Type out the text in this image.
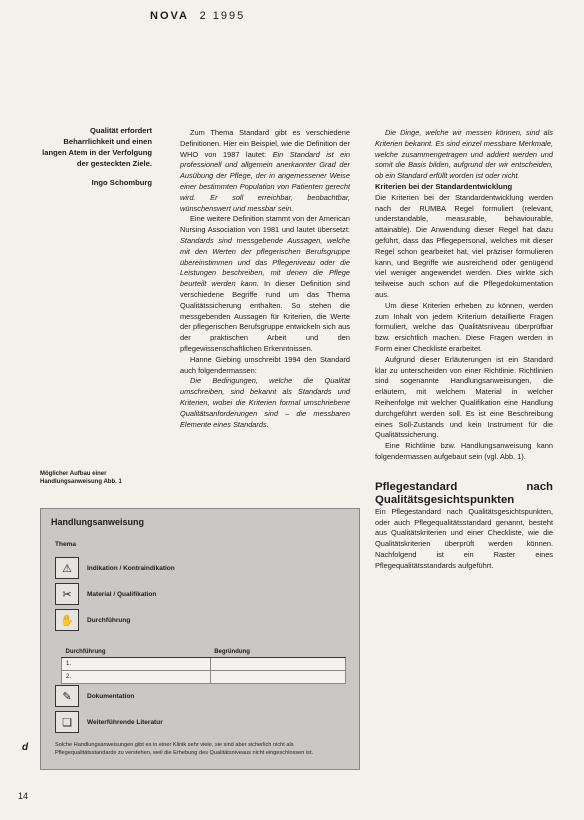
NOVA 2 1995
Qualität erfordert Beharrlichkeit und einen langen Atem in der Verfolgung der gesteckten Ziele.
Ingo Schomburg

Zum Thema Standard gibt es verschiedene Definitionen. Hier ein Beispiel, wie die Definition der WHO von 1987 lautet: Ein Standard ist ein professionell und allgemein anerkannter Grad der Ausübung der Pflege, der in angemessener Weise einer bestimmten Population von Patienten gerecht wird. Er soll erreichbar, beobachtbar, wünschenswert und messbar sein.

Eine weitere Definition stammt von der American Nursing Association von 1981 und lautet übersetzt: Standards sind messgebende Aussagen, welche mit den Werten der pflegerischen Berufsgruppe übereinstimmen und das Pflegeniveau oder die Leistungen beschreiben, mit denen die Pflege beurteilt werden kann. In dieser Definition sind verschiedene Begriffe rund um das Thema Qualitätssicherung enthalten. So stehen die messgebenden Aussagen für Kriterien, die Werte der pflegerischen Berufsgruppe entwickeln sich aus der praktischen Arbeit und den pflegewissenschaftlichen Erkenntnissen.

Hanne Giebing umschreibt 1994 den Standard auch folgendermassen:

Die Bedingungen, welche die Qualität umschreiben, sind bekannt als Standards und Kriterien, wobei die Kriterien formal umschriebene Qualitätsanforderungen sind – die messbaren Elemente eines Standards.

Die Dinge, welche wir messen können, sind als Kriterien bekannt. Es sind einzel messbare Merkmale, welche zusammengetragen und addiert werden und somit die Basis bilden, aufgrund der wir entscheiden, ob ein Standard erfüllt worden ist oder nicht.

Kriterien bei der Standardentwicklung

Die Kriterien bei der Standardentwicklung werden nach der RUMBA Regel formuliert (relevant, understandable, measurable, behaviourable, attainable). Die Anwendung dieser Regel hat dazu geführt, dass das Pflegepersonal, welches mit dieser Regel schon gearbeitet hat, viel präziser formulieren kann, und Begriffe wie ausreichend oder genügend viel weniger angewendet werden. Dies wirkte sich teilweise auch schon auf die Pflegedokumentation aus.

Um diese Kriterien erheben zu können, werden zum Inhalt von jedem Kriterium detaillierte Fragen formuliert, welche das Qualitätsniveau überprüfbar bzw. ersichtlich machen. Diese Fragen werden in Form einer Checkliste erarbeitet.

Aufgrund dieser Erläuterungen ist ein Standard klar zu unterscheiden von einer Richtlinie. Richtlinien sind sogenannte Handlungsanweisungen, die erläutern, mit welchem Material in welcher Reihenfolge mit welcher Qualifikation eine Handlung durchgeführt werden soll. Es ist eine Beschreibung eines Soll-Zustands und kein Instrument für die Qualitätssicherung.

Eine Richtlinie bzw. Handlungsanweisung kann folgendermassen aufgebaut sein (vgl. Abb. 1).

Pflegestandard nach Qualitätsgesichtspunkten

Ein Pflegestandard nach Qualitätsgesichtspunkten, oder auch Pflegequalitätsstandard genannt, besteht aus Qualitätskriterien und einer Checkliste, wie die Qualitätskriterien überprüft werden können. Nachfolgend ist ein Raster eines Pflegequalitätsstandards aufgeführt.

Möglicher Aufbau einer Handlungsanweisung Abb. 1
Handlungsanweisung
Thema
⚠	Indikation / Kontraindikation
✂	Material / Qualifikation
✋	Durchführung
Durchführung	Begründung
1.	
2.	
✎	Dokumentation
❏	Weiterführende Literatur
Solche Handlungsanweisungen gibt es in einer Klinik sehr viele, sie sind aber sicherlich nicht als Pflegequalitätsstandards zu verstehen, weil die Erhebung des Qualitätsniveaus nicht eingeschlossen ist.
d
14
